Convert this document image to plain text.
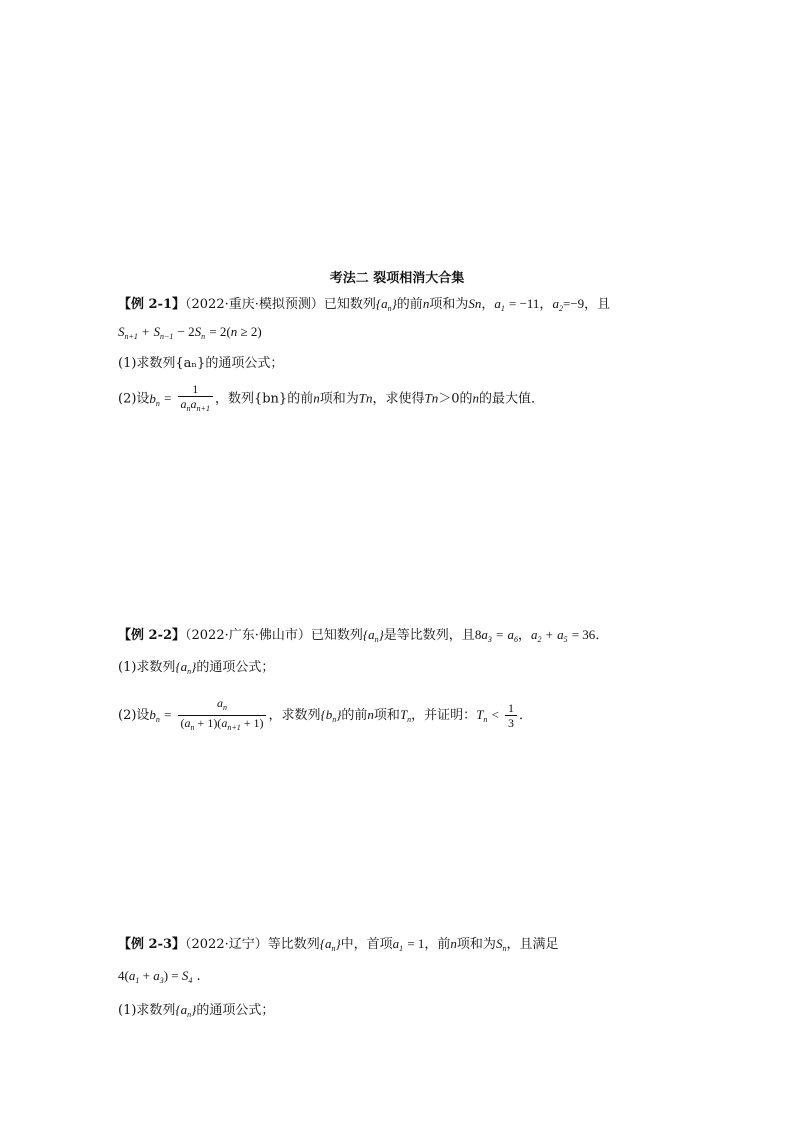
考法二 裂项相消大合集
【例 2-1】（2022·重庆·模拟预测）已知数列$\{a_n\}$的前n项和为Sn，$a_1 = -11$，$a_2=-9$，且
$S_{n+1} + S_{n-1} - 2S_n = 2(n \ge 2)$
(1)求数列{aₙ}的通项公式；
(2)设$b_n = \frac{1}{a_na_{n+1}}$ ，数列{bn}的前n项和为Tn，求使得Tn＞0的n的最大值．
【例 2-2】（2022·广东·佛山市）已知数列$\{a_n\}$是等比数列，且$8a_3 = a_6$，$a_2 + a_5 = 36$．
(1)求数列$\{a_n\}$的通项公式；
(2)设$b_n = \frac{a_n}{(a_n + 1)(a_{n+1} + 1)}$ ，求数列$\{b_n\}$的前n项和$T_n$，并证明：$T_n < \frac{1}{3}$ ．
【例 2-3】（2022·辽宁）等比数列$\{a_n\}$中，首项$a_1 = 1$，前n项和为$S_n$，且满足
$4(a_1 + a_3) = S_4$ .
(1)求数列$\{a_n\}$的通项公式；
